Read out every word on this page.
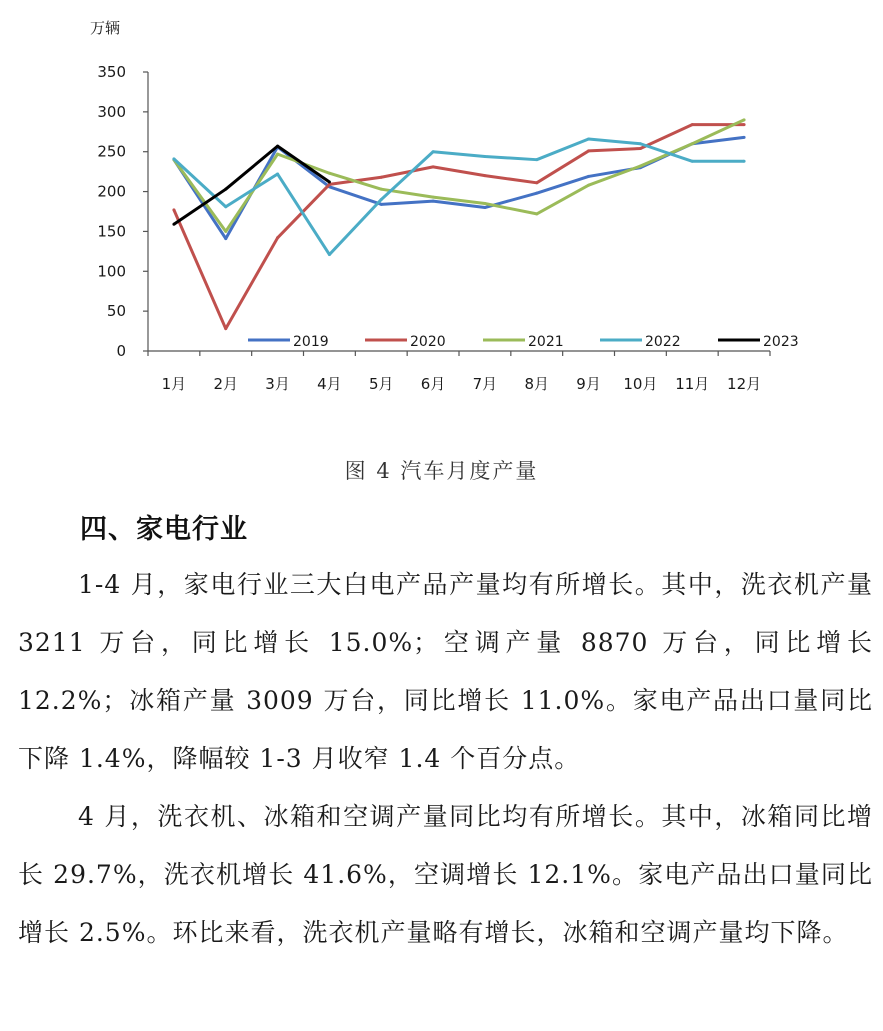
万辆
0
50
100
150
200
250
300
350
1月 2月 3月 4月 5月 6月 7月 8月 9月 10月 11月 12月
2019	2020	2021	2022	2023
图 4 汽车月度产量
四、家电行业

1-4 月，家电行业三大白电产品产量均有所增长。其中，洗衣机产量 3211 万台，同比增长 15.0%；空调产量 8870 万台，同比增长 12.2%；冰箱产量 3009 万台，同比增长 11.0%。家电产品出口量同比下降 1.4%，降幅较 1-3 月收窄 1.4 个百分点。

4 月，洗衣机、冰箱和空调产量同比均有所增长。其中，冰箱同比增长 29.7%，洗衣机增长 41.6%，空调增长 12.1%。家电产品出口量同比增长 2.5%。环比来看，洗衣机产量略有增长，冰箱和空调产量均下降。
